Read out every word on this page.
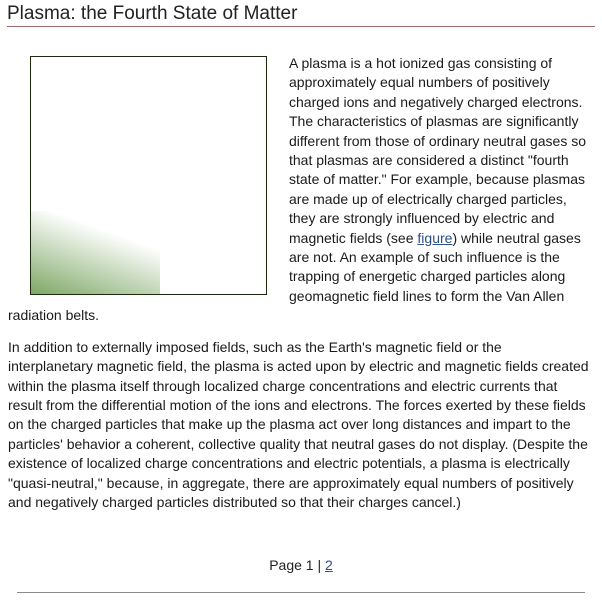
Plasma: the Fourth State of Matter

A plasma is a hot ionized gas consisting of approximately equal numbers of positively charged ions and negatively charged electrons. The characteristics of plasmas are significantly different from those of ordinary neutral gases so that plasmas are considered a distinct "fourth state of matter." For example, because plasmas are made up of electrically charged particles, they are strongly influenced by electric and magnetic fields (see figure) while neutral gases are not. An example of such influence is the trapping of energetic charged particles along geomagnetic field lines to form the Van Allen radiation belts.

In addition to externally imposed fields, such as the Earth's magnetic field or the interplanetary magnetic field, the plasma is acted upon by electric and magnetic fields created within the plasma itself through localized charge concentrations and electric currents that result from the differential motion of the ions and electrons. The forces exerted by these fields on the charged particles that make up the plasma act over long distances and impart to the particles' behavior a coherent, collective quality that neutral gases do not display. (Despite the existence of localized charge concentrations and electric potentials, a plasma is electrically "quasi-neutral," because, in aggregate, there are approximately equal numbers of positively and negatively charged particles distributed so that their charges cancel.)

Page 1 | 2
